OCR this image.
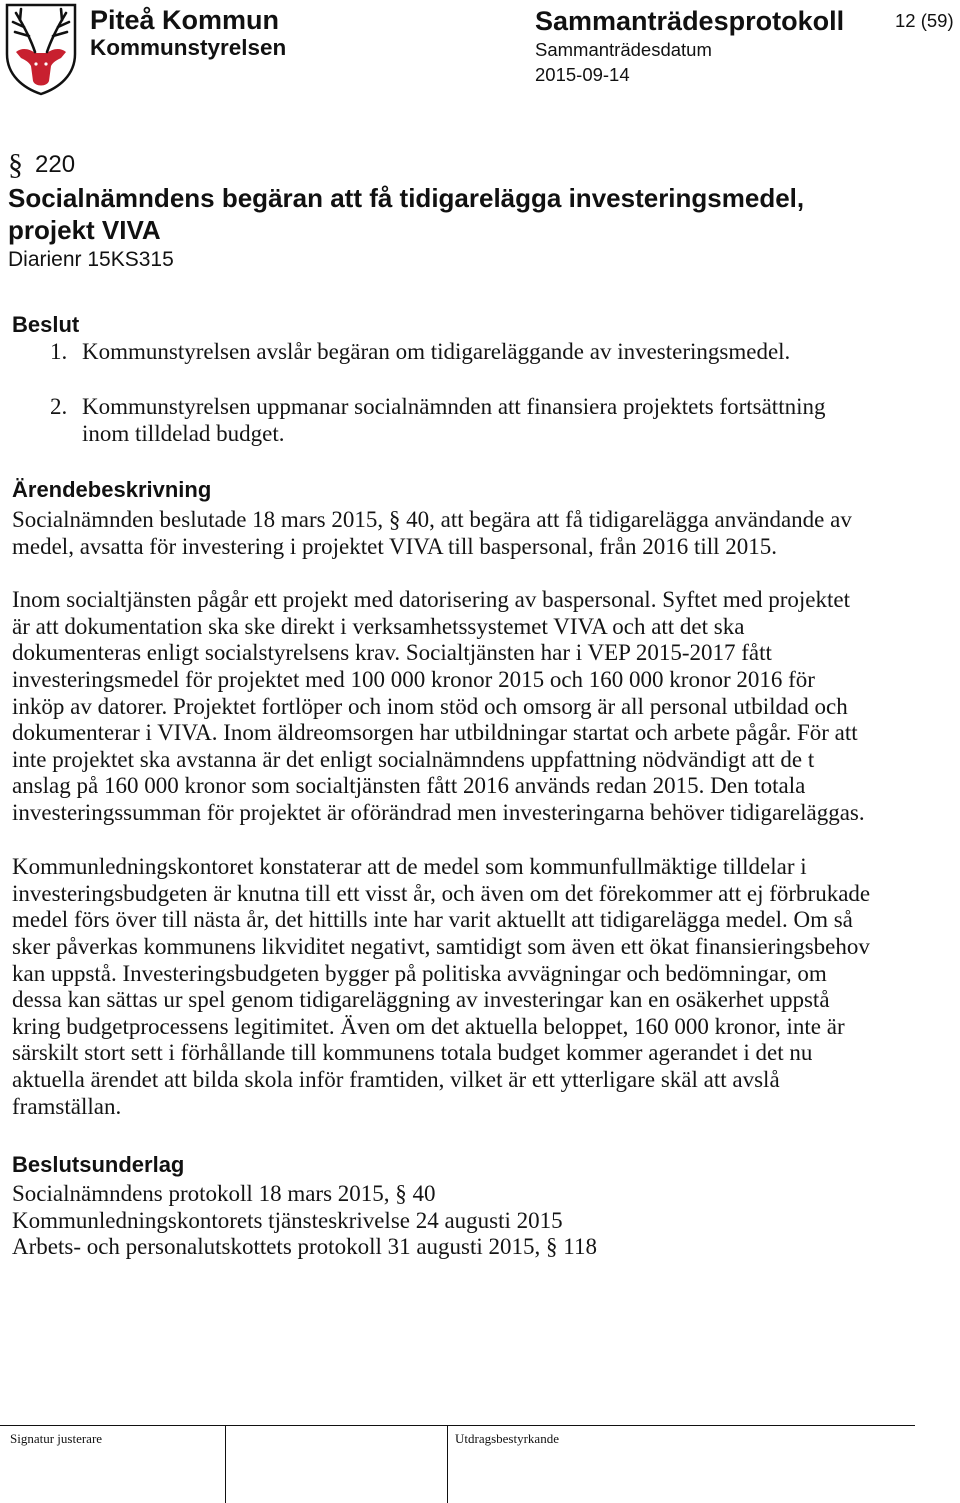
Piteå Kommun
Kommunstyrelsen
Sammanträdesprotokoll
Sammanträdesdatum
2015-09-14
12 (59)
§ 220
Socialnämndens begäran att få tidigarelägga investeringsmedel,
projekt VIVA
Diarienr 15KS315
Beslut
1. Kommunstyrelsen avslår begäran om tidigareläggande av investeringsmedel.
2. Kommunstyrelsen uppmanar socialnämnden att finansiera projektets fortsättning
inom tilldelad budget.
Ärendebeskrivning
Socialnämnden beslutade 18 mars 2015, § 40, att begära att få tidigarelägga användande av
medel, avsatta för investering i projektet VIVA till baspersonal, från 2016 till 2015.
Inom socialtjänsten pågår ett projekt med datorisering av baspersonal. Syftet med projektet
är att dokumentation ska ske direkt i verksamhetssystemet VIVA och att det ska
dokumenteras enligt socialstyrelsens krav. Socialtjänsten har i VEP 2015-2017 fått
investeringsmedel för projektet med 100 000 kronor 2015 och 160 000 kronor 2016 för
inköp av datorer. Projektet fortlöper och inom stöd och omsorg är all personal utbildad och
dokumenterar i VIVA. Inom äldreomsorgen har utbildningar startat och arbete pågår. För att
inte projektet ska avstanna är det enligt socialnämndens uppfattning nödvändigt att de t
anslag på 160 000 kronor som socialtjänsten fått 2016 används redan 2015. Den totala
investeringssumman för projektet är oförändrad men investeringarna behöver tidigareläggas.
Kommunledningskontoret konstaterar att de medel som kommunfullmäktige tilldelar i
investeringsbudgeten är knutna till ett visst år, och även om det förekommer att ej förbrukade
medel förs över till nästa år, det hittills inte har varit aktuellt att tidigarelägga medel. Om så
sker påverkas kommunens likviditet negativt, samtidigt som även ett ökat finansieringsbehov
kan uppstå. Investeringsbudgeten bygger på politiska avvägningar och bedömningar, om
dessa kan sättas ur spel genom tidigareläggning av investeringar kan en osäkerhet uppstå
kring budgetprocessens legitimitet. Även om det aktuella beloppet, 160 000 kronor, inte är
särskilt stort sett i förhållande till kommunens totala budget kommer agerandet i det nu
aktuella ärendet att bilda skola inför framtiden, vilket är ett ytterligare skäl att avslå
framställan.
Beslutsunderlag
Socialnämndens protokoll 18 mars 2015, § 40
Kommunledningskontorets tjänsteskrivelse 24 augusti 2015
Arbets- och personalutskottets protokoll 31 augusti 2015, § 118
Signatur justerare	Utdragsbestyrkande
